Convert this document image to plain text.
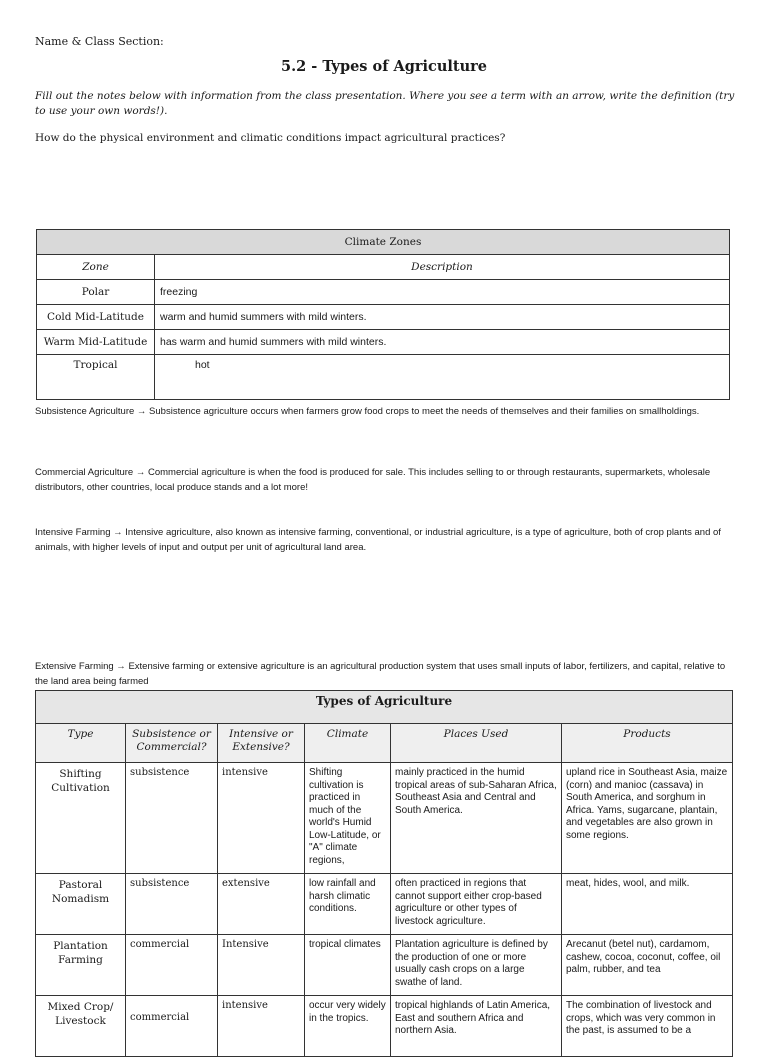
Name & Class Section:
5.2 - Types of Agriculture
Fill out the notes below with information from the class presentation. Where you see a term with an arrow, write the definition (try to use your own words!).
How do the physical environment and climatic conditions impact agricultural practices?
Climate Zones	
Zone	Description
Polar	freezing
Cold Mid-Latitude	warm and humid summers with mild winters.
Warm Mid-Latitude	has warm and humid summers with mild winters.
Tropical	hot
Subsistence Agriculture → Subsistence agriculture occurs when farmers grow food crops to meet the needs of themselves and their families on smallholdings.
Commercial Agriculture → Commercial agriculture is when the food is produced for sale. This includes selling to or through restaurants, supermarkets, wholesale distributors, other countries, local produce stands and a lot more!
Intensive Farming → Intensive agriculture, also known as intensive farming, conventional, or industrial agriculture, is a type of agriculture, both of crop plants and of animals, with higher levels of input and output per unit of agricultural land area.
Extensive Farming → Extensive farming or extensive agriculture is an agricultural production system that uses small inputs of labor, fertilizers, and capital, relative to the land area being farmed
Types of Agriculture					
Type	Subsistence or Commercial?	Intensive or Extensive?	Climate	Places Used	Products
Shifting Cultivation	subsistence	intensive	Shifting cultivation is practiced in much of the world's Humid Low-Latitude, or "A" climate regions,	mainly practiced in the humid tropical areas of sub-Saharan Africa, Southeast Asia and Central and South America.	upland rice in Southeast Asia, maize (corn) and manioc (cassava) in South America, and sorghum in Africa. Yams, sugarcane, plantain, and vegetables are also grown in some regions.
Pastoral Nomadism	subsistence	extensive	low rainfall and harsh climatic conditions.	often practiced in regions that cannot support either crop-based agriculture or other types of livestock agriculture.	meat, hides, wool, and milk.
Plantation Farming	commercial	Intensive	tropical climates	Plantation agriculture is defined by the production of one or more usually cash crops on a large swathe of land.	Arecanut (betel nut), cardamom, cashew, cocoa, coconut, coffee, oil palm, rubber, and tea
Mixed Crop/ Livestock	commercial	intensive	occur very widely in the tropics.	tropical highlands of Latin America, East and southern Africa and northern Asia.	The combination of livestock and crops, which was very common in the past, is assumed to be a
